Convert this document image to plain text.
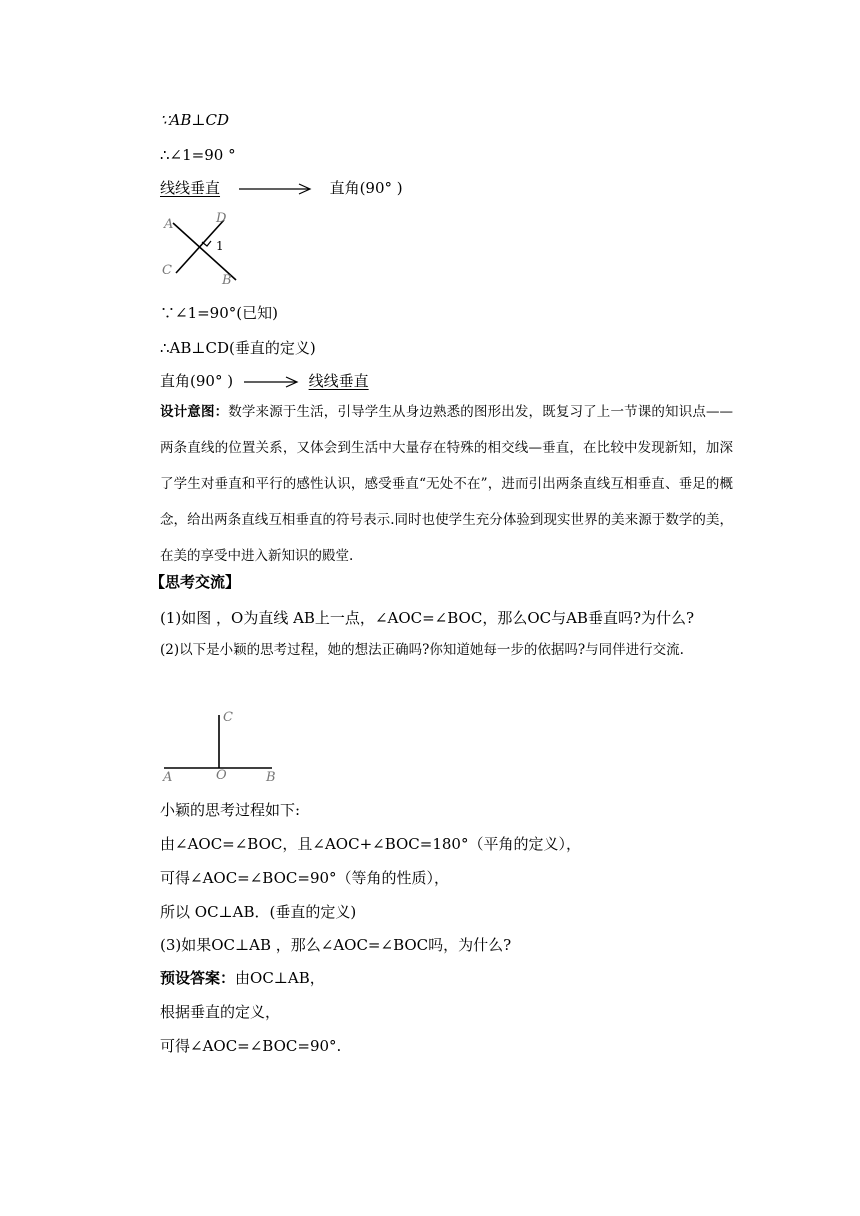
∵AB⊥CD
∴∠1=90 °
线线垂直	直角(90° )
A	D
1
C
B
∵∠1=90°(已知)
∴AB⊥CD(垂直的定义)
直角(90° )	线线垂直
设计意图：数学来源于生活，引导学生从身边熟悉的图形出发，既复习了上一节课的知识点——两条直线的位置关系，又体会到生活中大量存在特殊的相交线—垂直，在比较中发现新知，加深了学生对垂直和平行的感性认识，感受垂直“无处不在”，进而引出两条直线互相垂直、垂足的概念，给出两条直线互相垂直的符号表示.同时也使学生充分体验到现实世界的美来源于数学的美，在美的享受中进入新知识的殿堂.
【思考交流】
(1)如图 ，O为直线 AB上一点，∠AOC=∠BOC，那么OC与AB垂直吗?为什么?
(2)以下是小颖的思考过程，她的想法正确吗?你知道她每一步的依据吗?与同伴进行交流.
C
A	O	B
小颖的思考过程如下:
由∠AOC=∠BOC，且∠AOC+∠BOC=180°（平角的定义），
可得∠AOC=∠BOC=90°（等角的性质），
所以 OC⊥AB．(垂直的定义)
(3)如果OC⊥AB ，那么∠AOC=∠BOC吗，为什么?
预设答案：由OC⊥AB，
根据垂直的定义，
可得∠AOC=∠BOC=90°.
